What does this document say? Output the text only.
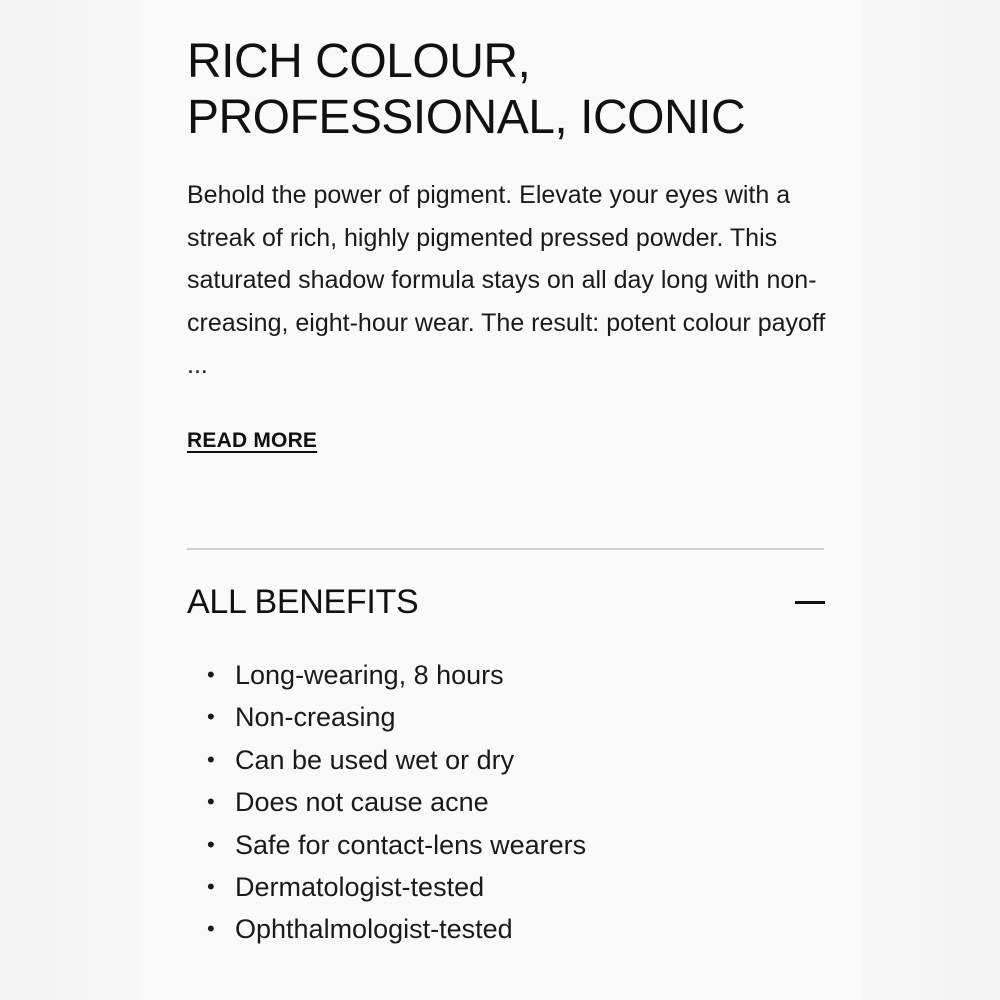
RICH COLOUR,
PROFESSIONAL, ICONIC

Behold the power of pigment. Elevate your eyes with a streak of rich, highly pigmented pressed powder. This saturated shadow formula stays on all day long with non-creasing, eight-hour wear. The result: potent colour payoff ...

READ MORE
ALL BENEFITS
• Long-wearing, 8 hours
• Non-creasing
• Can be used wet or dry
• Does not cause acne
• Safe for contact-lens wearers
• Dermatologist-tested
• Ophthalmologist-tested
